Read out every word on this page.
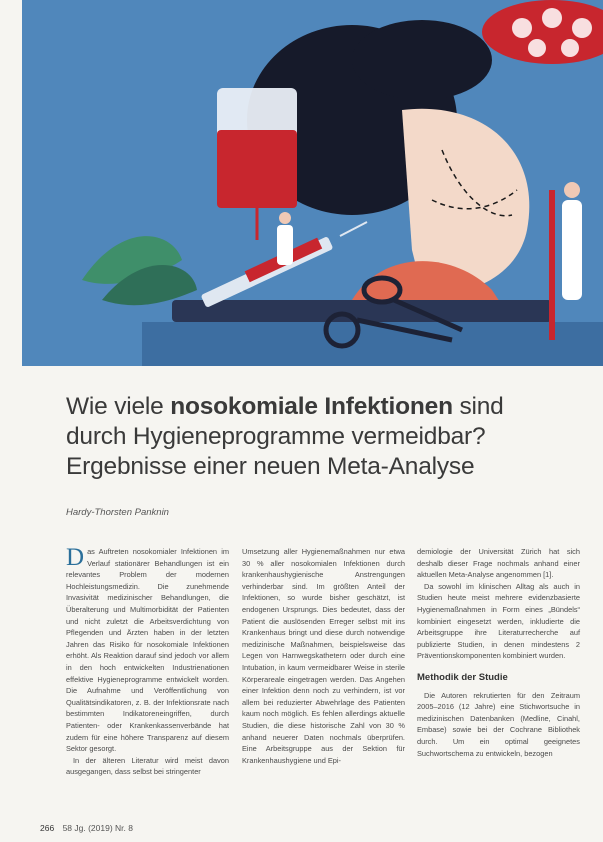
Wie viele nosokomiale Infektionen sind
durch Hygieneprogramme vermeidbar?
Ergebnisse einer neuen Meta-Analyse
Hardy-Thorsten Panknin

Das Auftreten nosokomialer Infektionen im Verlauf stationärer Behandlungen ist ein relevantes Problem der modernen Hochleistungsmedizin. Die zunehmende Invasivität medizinischer Behandlungen, die Überalterung und Multimorbidität der Patienten und nicht zuletzt die Arbeitsverdichtung von Pflegenden und Ärzten haben in der letzten Jahren das Risiko für nosokomiale Infektionen erhöht. Als Reaktion darauf sind jedoch vor allem in den hoch entwickelten Industrienationen effektive Hygieneprogramme entwickelt worden. Die Aufnahme und Veröffentlichung von Qualitätsindikatoren, z. B. der Infektionsrate nach bestimmten Indikatoreneingriffen, durch Patienten- oder Krankenkassenverbände hat zudem für eine höhere Transparenz auf diesem Sektor gesorgt.

In der älteren Literatur wird meist davon ausgegangen, dass selbst bei stringenter

Umsetzung aller Hygienemaßnahmen nur etwa 30 % aller nosokomialen Infektionen durch krankenhaushygienische Anstrengungen verhinderbar sind. Im größten Anteil der Infektionen, so wurde bisher geschätzt, ist endogenen Ursprungs. Dies bedeutet, dass der Patient die auslösenden Erreger selbst mit ins Krankenhaus bringt und diese durch notwendige medizinische Maßnahmen, beispielsweise das Legen von Harnwegskathetern oder durch eine Intubation, in kaum vermeidbarer Weise in sterile Körperareale eingetragen werden. Das Angehen einer Infektion denn noch zu verhindern, ist vor allem bei reduzierter Abwehrlage des Patienten kaum noch möglich. Es fehlen allerdings aktuelle Studien, die diese historische Zahl von 30 % anhand neuerer Daten nochmals überprüfen. Eine Arbeitsgruppe aus der Sektion für Krankenhaushygiene und Epi-

demiologie der Universität Zürich hat sich deshalb dieser Frage nochmals anhand einer aktuellen Meta-Analyse angenommen [1].

Da sowohl im klinischen Alltag als auch in Studien heute meist mehrere evidenzbasierte Hygienemaßnahmen in Form eines „Bündels“ kombiniert eingesetzt werden, inkludierte die Arbeitsgruppe ihre Literaturrecherche auf publizierte Studien, in denen mindestens 2 Präventionskomponenten kombiniert wurden.

Methodik der Studie

Die Autoren rekrutierten für den Zeitraum 2005–2016 (12 Jahre) eine Stichwortsuche in medizinischen Datenbanken (Medline, Cinahl, Embase) sowie bei der Cochrane Bibliothek durch. Um ein optimal geeignetes Suchwortschema zu entwickeln, bezogen

266 58 Jg. (2019) Nr. 8
